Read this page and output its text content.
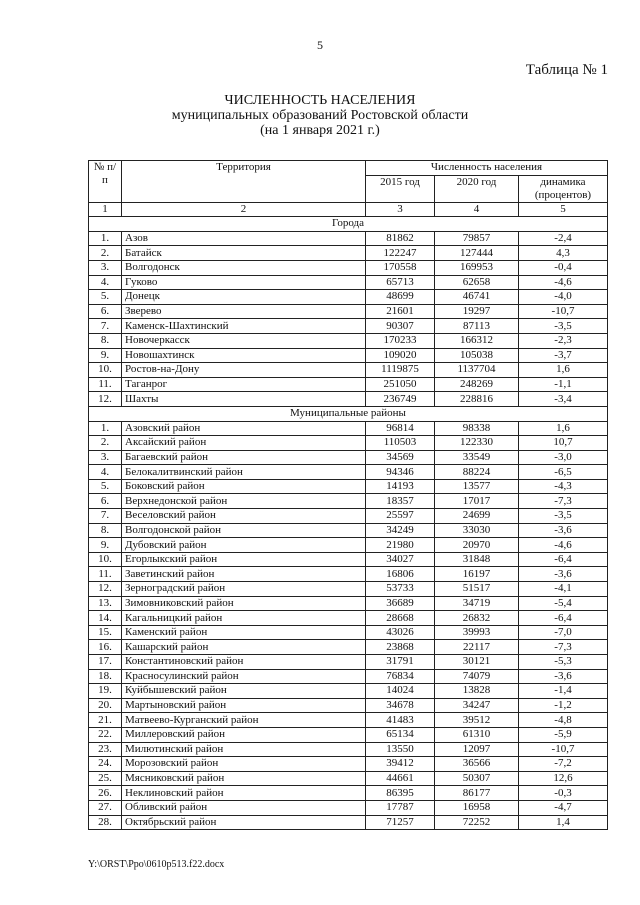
5
Таблица № 1
ЧИСЛЕННОСТЬ НАСЕЛЕНИЯ
муниципальных образований Ростовской области
(на 1 января 2021 г.)
№ п/п	Территория	Численность населения		
		2015 год	2020 год	динамика (процентов)
1	2	3	4	5
Города				
1.	Азов	81862	79857	-2,4
2.	Батайск	122247	127444	4,3
3.	Волгодонск	170558	169953	-0,4
4.	Гуково	65713	62658	-4,6
5.	Донецк	48699	46741	-4,0
6.	Зверево	21601	19297	-10,7
7.	Каменск-Шахтинский	90307	87113	-3,5
8.	Новочеркасск	170233	166312	-2,3
9.	Новошахтинск	109020	105038	-3,7
10.	Ростов-на-Дону	1119875	1137704	1,6
11.	Таганрог	251050	248269	-1,1
12.	Шахты	236749	228816	-3,4
Муниципальные районы				
1.	Азовский район	96814	98338	1,6
2.	Аксайский район	110503	122330	10,7
3.	Багаевский район	34569	33549	-3,0
4.	Белокалитвинский район	94346	88224	-6,5
5.	Боковский район	14193	13577	-4,3
6.	Верхнедонской район	18357	17017	-7,3
7.	Веселовский район	25597	24699	-3,5
8.	Волгодонской район	34249	33030	-3,6
9.	Дубовский район	21980	20970	-4,6
10.	Егорлыкский район	34027	31848	-6,4
11.	Заветинский район	16806	16197	-3,6
12.	Зерноградский район	53733	51517	-4,1
13.	Зимовниковский район	36689	34719	-5,4
14.	Кагальницкий район	28668	26832	-6,4
15.	Каменский район	43026	39993	-7,0
16.	Кашарский район	23868	22117	-7,3
17.	Константиновский район	31791	30121	-5,3
18.	Красносулинский район	76834	74079	-3,6
19.	Куйбышевский район	14024	13828	-1,4
20.	Мартыновский район	34678	34247	-1,2
21.	Матвеево-Курганский район	41483	39512	-4,8
22.	Миллеровский район	65134	61310	-5,9
23.	Милютинский район	13550	12097	-10,7
24.	Морозовский район	39412	36566	-7,2
25.	Мясниковский район	44661	50307	12,6
26.	Неклиновский район	86395	86177	-0,3
27.	Обливский район	17787	16958	-4,7
28.	Октябрьский район	71257	72252	1,4
Y:\ORST\Ppo\0610p513.f22.docx
